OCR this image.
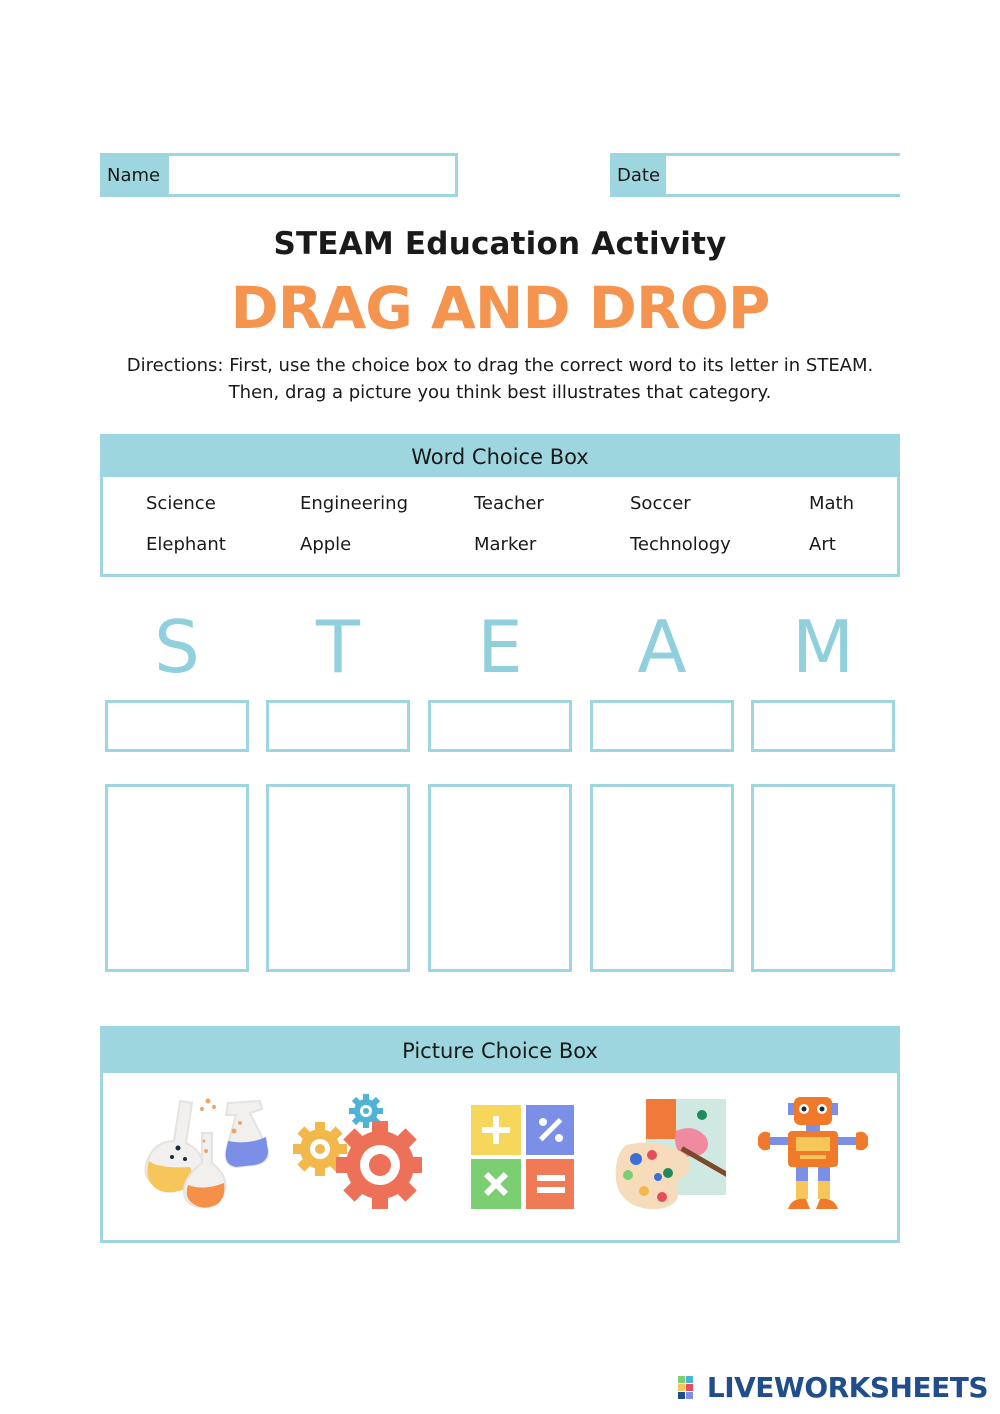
Name	Date
STEAM Education Activity
DRAG AND DROP
Directions: First, use the choice box to drag the correct word to its letter in STEAM.
Then, drag a picture you think best illustrates that category.
Word Choice Box
Science	Engineering	Teacher	Soccer	Math
Elephant	Apple	Marker	Technology	Art
S	T	E	A	M
Picture Choice Box
LIVEWORKSHEETS
